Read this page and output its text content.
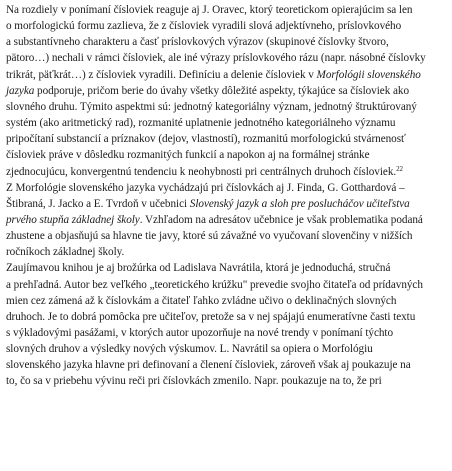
Na rozdiely v ponímaní čísloviek reaguje aj J. Oravec, ktorý teoretickom opierajúcim sa len
o morfologickú formu zazlieva, že z čísloviek vyradili slová adjektívneho, príslovkového
a substantívneho charakteru a časť príslovkových výrazov (skupinové číslovky štvoro,
pätoro…) nechali v rámci čísloviek, ale iné výrazy príslovkového rázu (napr. násobné číslovky
trikrát, päťkrát…) z čísloviek vyradili. Definíciu a delenie čísloviek v Morfológii slovenského
jazyka podporuje, pričom berie do úvahy všetky dôležité aspekty, týkajúce sa čísloviek ako
slovného druhu. Týmito aspektmi sú: jednotný kategoriálny význam, jednotný štruktúrovaný
systém (ako aritmetický rad), rozmanité uplatnenie jednotného kategoriálneho významu
pripočítaní substancií a príznakov (dejov, vlastností), rozmanitú morfologickú stvárnenosť
čísloviek práve v dôsledku rozmanitých funkcií a napokon aj na formálnej stránke
zjednocujúcu, konvergentnú tendenciu k neohybnosti pri centrálnych druhoch čísloviek.$^{22}$
Z Morfológie slovenského jazyka vychádzajú pri číslovkách aj J. Finda, G. Gotthardová –
Štibraná, J. Jacko a E. Tvrdoň v učebnici Slovenský jazyk a sloh pre poslucháčov učiteľstva
prvého stupňa základnej školy. Vzhľadom na adresátov učebnice je však problematika podaná
zhustene a objasňujú sa hlavne tie javy, ktoré sú závažné vo vyučovaní slovenčiny v nižších
ročníkoch základnej školy.
Zaujímavou knihou je aj brožúrka od Ladislava Navrátila, ktorá je jednoduchá, stručná
a prehľadná. Autor bez veľkého „teoretického krúžku" prevedie svojho čitateľa od prídavných
mien cez zámená až k číslovkám a čitateľ ľahko zvládne učivo o deklinačných slovných
druhoch. Je to dobrá pomôcka pre učiteľov, pretože sa v nej spájajú enumeratívne časti textu
s výkladovými pasážami, v ktorých autor upozorňuje na nové trendy v ponímaní týchto
slovných druhov a výsledky nových výskumov. L. Navrátil sa opiera o Morfológiu
slovenského jazyka hlavne pri definovaní a členení čísloviek, zároveň však aj poukazuje na
to, čo sa v priebehu vývinu reči pri číslovkách zmenilo. Napr. poukazuje na to, že pri
